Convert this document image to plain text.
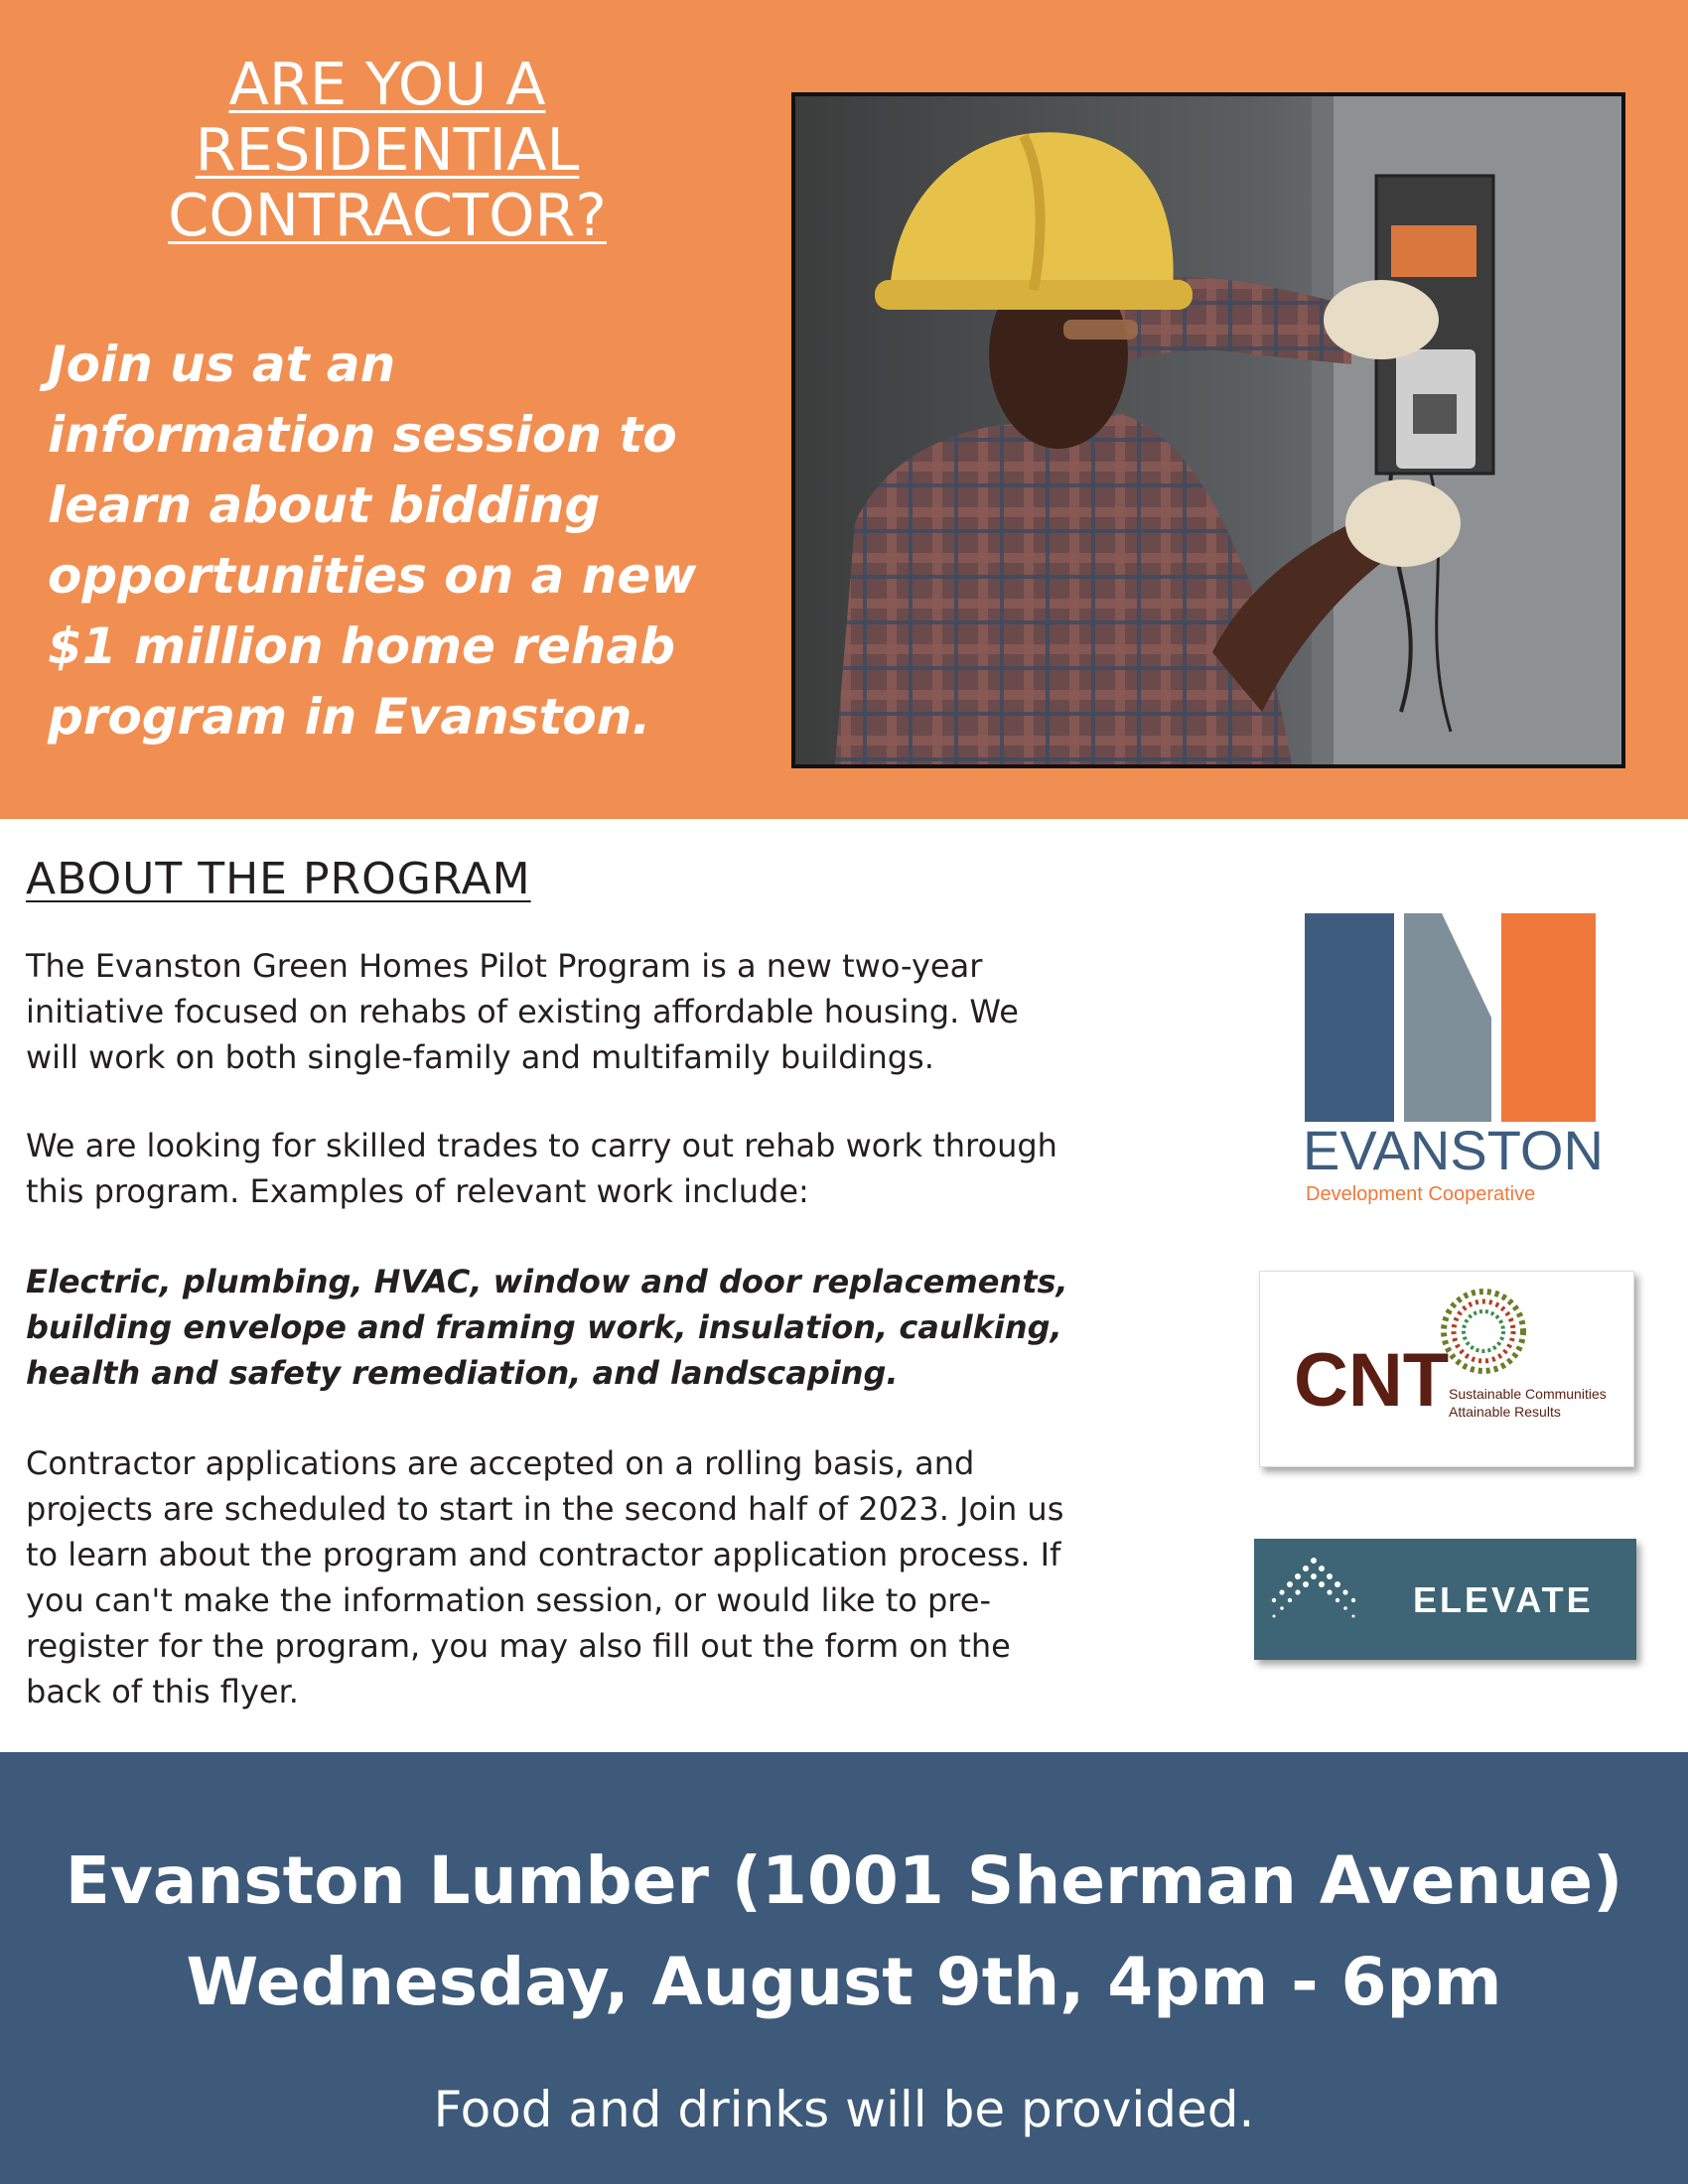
ARE YOU A
RESIDENTIAL
CONTRACTOR?

Join us at an
information session to
learn about bidding
opportunities on a new
$1 million home rehab
program in Evanston.

ABOUT THE PROGRAM

The Evanston Green Homes Pilot Program is a new two-year
initiative focused on rehabs of existing affordable housing. We
will work on both single-family and multifamily buildings.

We are looking for skilled trades to carry out rehab work through
this program. Examples of relevant work include:

Electric, plumbing, HVAC, window and door replacements,
building envelope and framing work, insulation, caulking,
health and safety remediation, and landscaping.

Contractor applications are accepted on a rolling basis, and
projects are scheduled to start in the second half of 2023. Join us
to learn about the program and contractor application process. If
you can't make the information session, or would like to pre-
register for the program, you may also fill out the form on the
back of this flyer.

EVANSTON
Development Cooperative
CNT Sustainable Communities
Attainable Results
ELEVATE

Evanston Lumber (1001 Sherman Avenue)

Wednesday, August 9th, 4pm - 6pm

Food and drinks will be provided.
